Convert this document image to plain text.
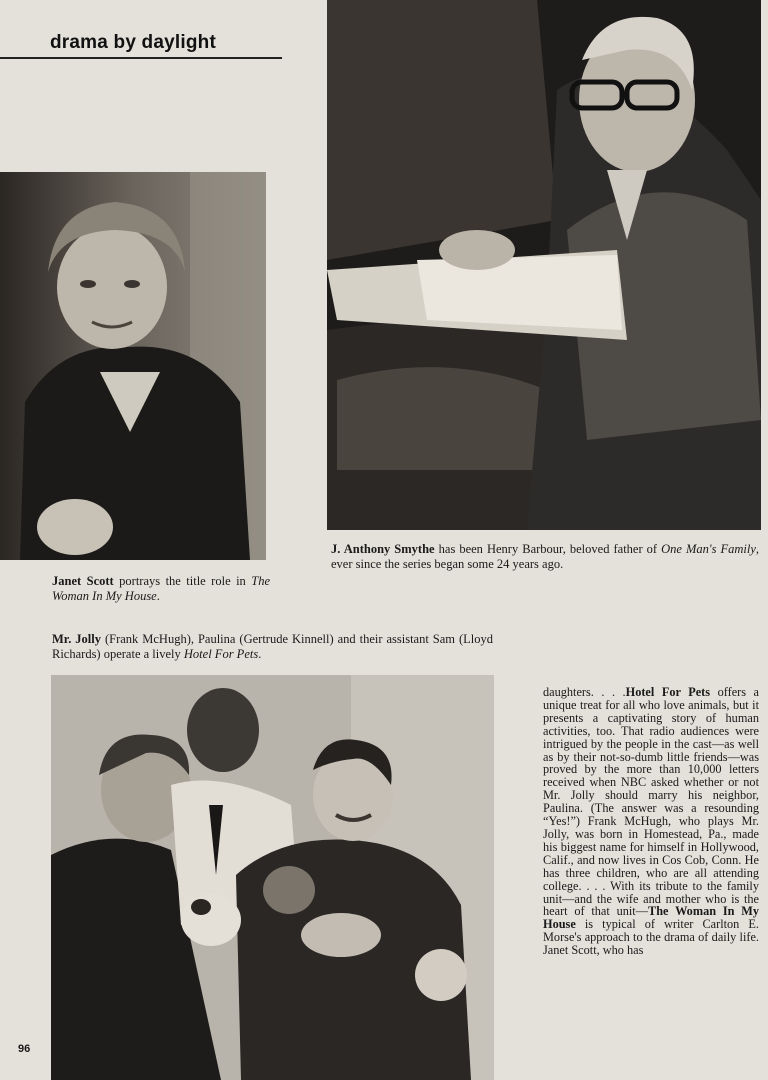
drama by daylight
Janet Scott portrays the title role in The Woman In My House.
J. Anthony Smythe has been Henry Barbour, beloved father of One Man's Family, ever since the series began some 24 years ago.
Mr. Jolly (Frank McHugh), Paulina (Gertrude Kinnell) and their assistant Sam (Lloyd Richards) operate a lively Hotel For Pets.
daughters. . . .Hotel For Pets offers a unique treat for all who love animals, but it presents a captivating story of human activities, too. That radio audiences were intrigued by the people in the cast—as well as by their not-so-dumb little friends—was proved by the more than 10,000 letters received when NBC asked whether or not Mr. Jolly should marry his neighbor, Paulina. (The answer was a resounding “Yes!”) Frank McHugh, who plays Mr. Jolly, was born in Homestead, Pa., made his biggest name for himself in Hollywood, Calif., and now lives in Cos Cob, Conn. He has three children, who are all attending college. . . . With its tribute to the family unit—and the wife and mother who is the heart of that unit—The Woman In My House is typical of writer Carlton E. Morse's approach to the drama of daily life. Janet Scott, who has
96
